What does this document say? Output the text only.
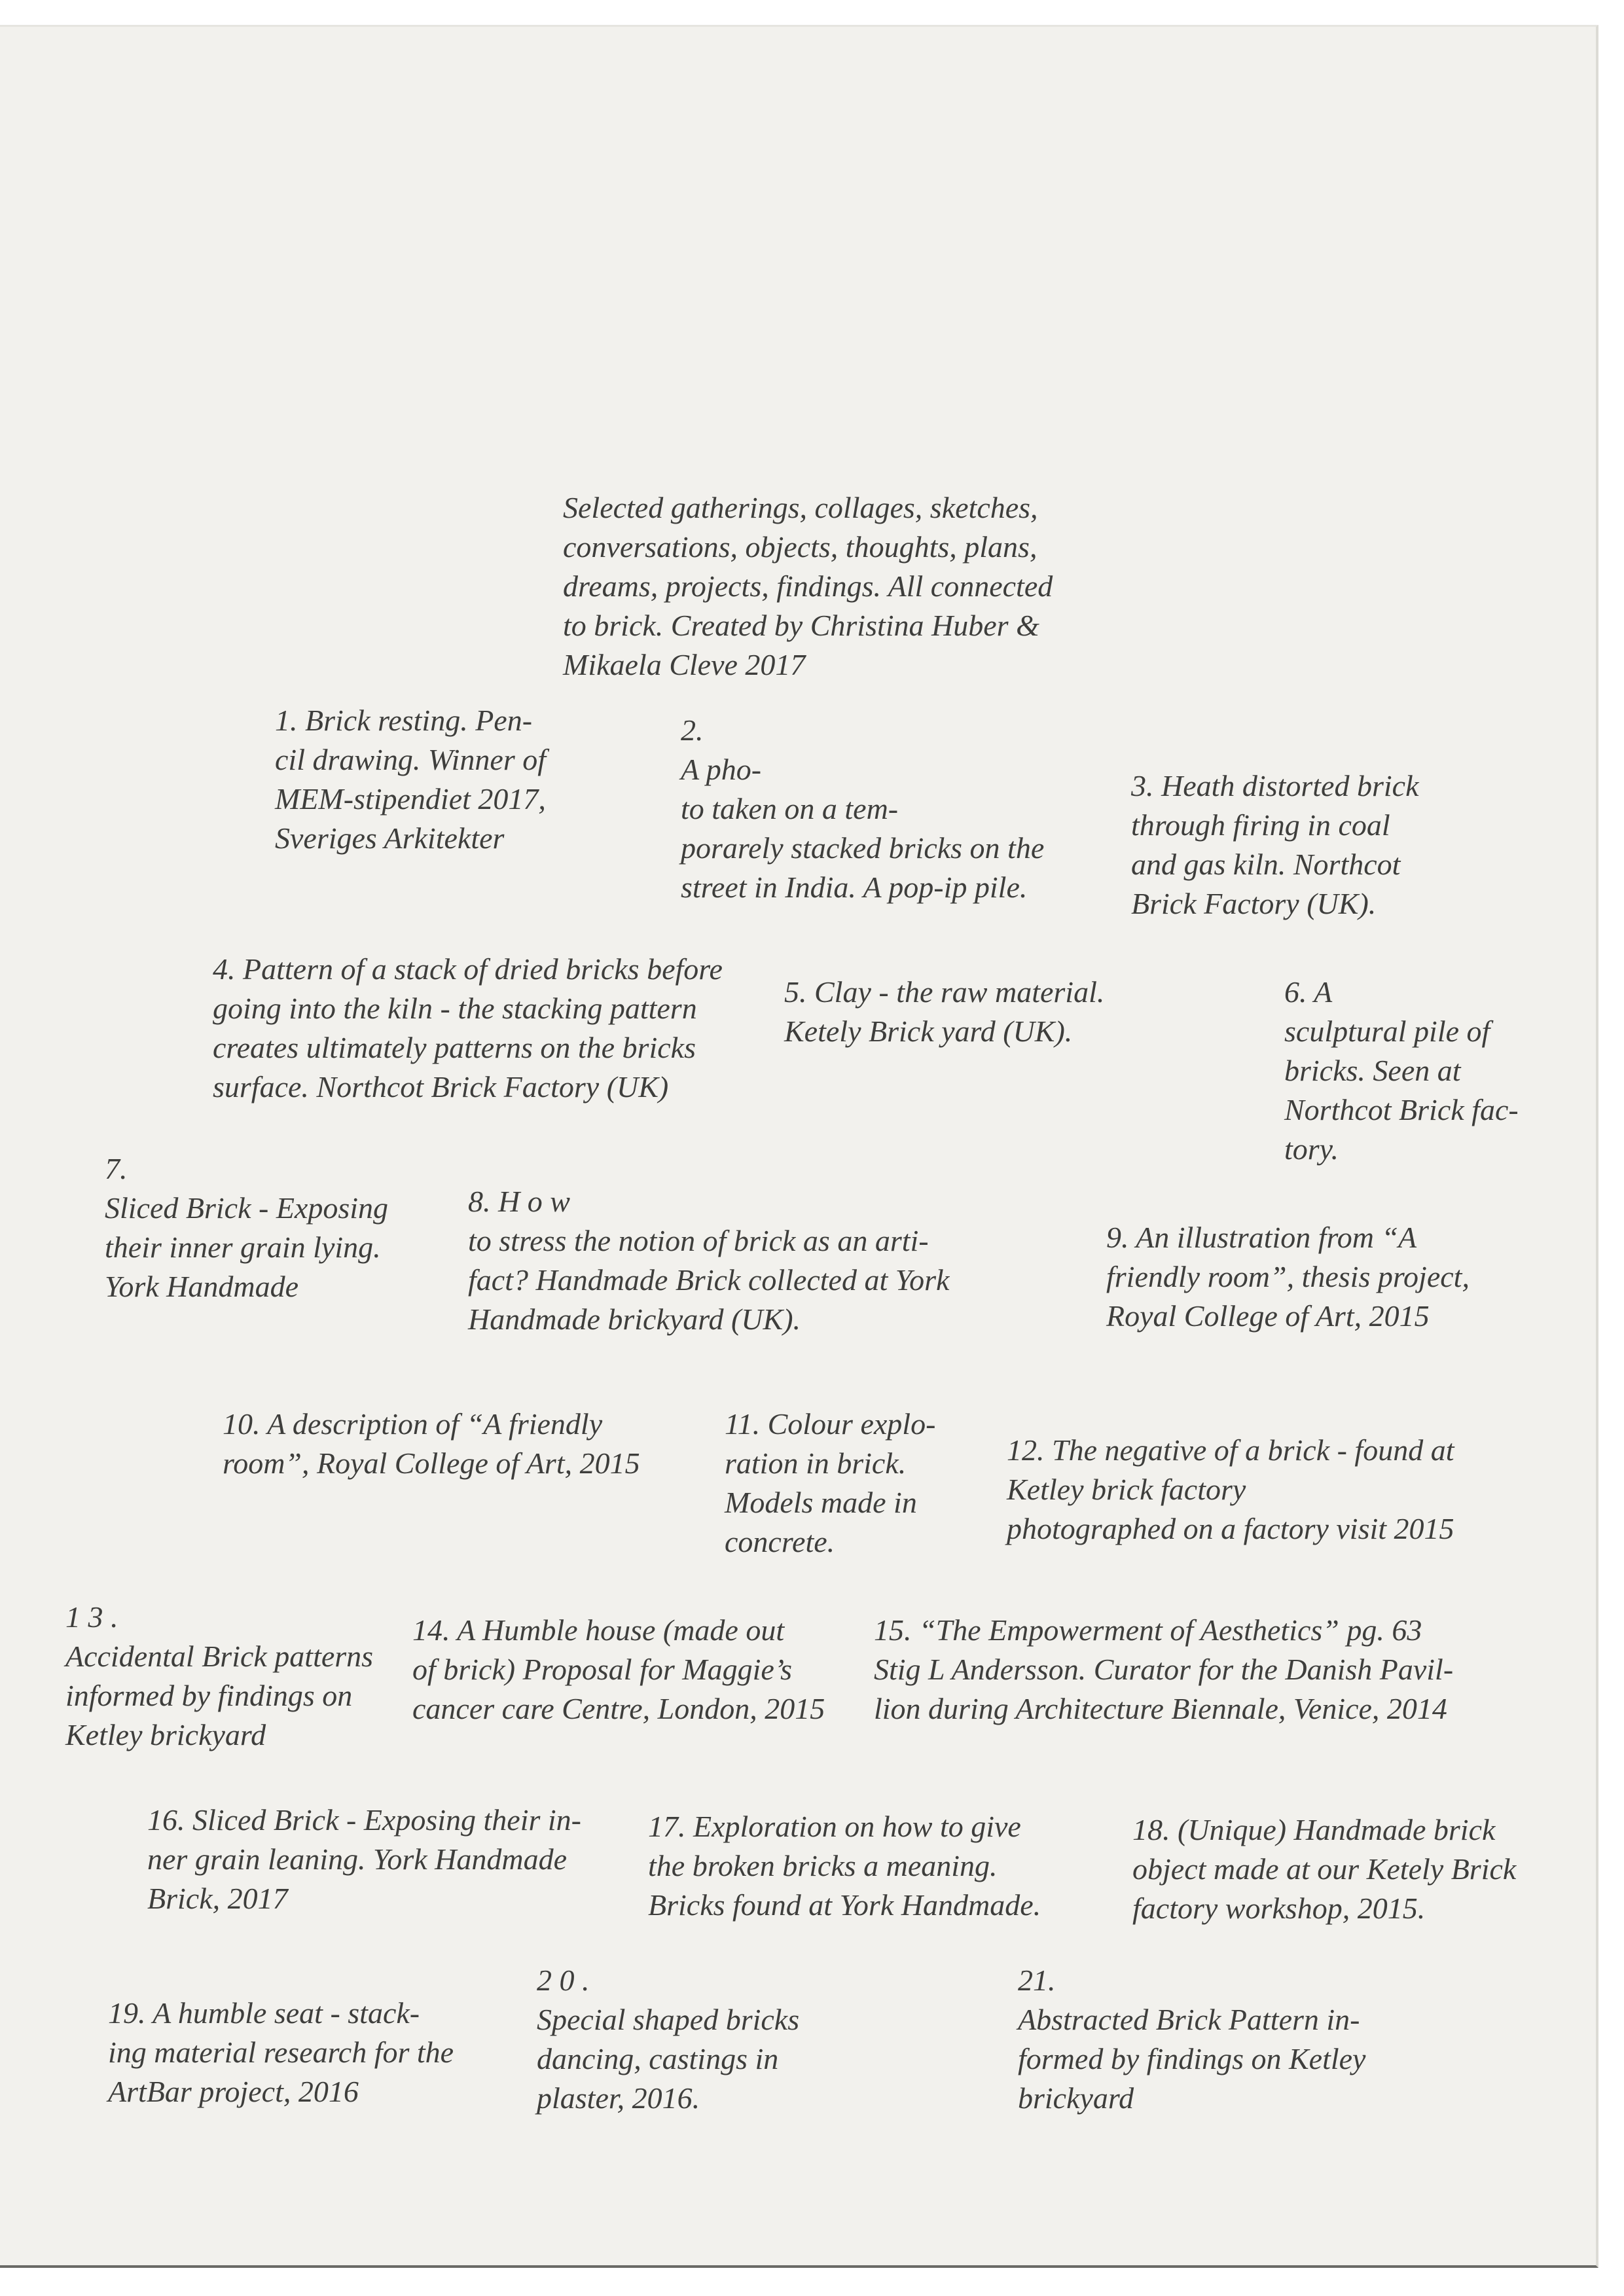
Selected gatherings, collages, sketches,
conversations, objects, thoughts, plans,
dreams, projects, findings. All connected
to brick. Created by Christina Huber &
Mikaela Cleve 2017
1. Brick resting. Pen-
cil drawing. Winner of
MEM-stipendiet 2017,
Sveriges Arkitekter
2.
A pho-
to taken on a tem-
porarely stacked bricks on the
street in India. A pop-ip pile.
3. Heath distorted brick
through firing in coal
and gas kiln. Northcot
Brick Factory (UK).
4. Pattern of a stack of dried bricks before
going into the kiln - the stacking pattern
creates ultimately patterns on the bricks
surface. Northcot Brick Factory (UK)
5. Clay - the raw material.
Ketely Brick yard (UK).
6. A
sculptural pile of
bricks. Seen at
Northcot Brick fac-
tory.
7.
Sliced Brick - Exposing
their inner grain lying.
York Handmade
8. H o w
to stress the notion of brick as an arti-
fact? Handmade Brick collected at York
Handmade brickyard (UK).
9. An illustration from “A
friendly room”, thesis project,
Royal College of Art, 2015
10. A description of “A friendly
room”, Royal College of Art, 2015
11. Colour explo-
ration in brick.
Models made in
concrete.
12. The negative of a brick - found at
Ketley brick factory
photographed on a factory visit 2015
1 3 .
Accidental Brick patterns
informed by findings on
Ketley brickyard
14. A Humble house (made out
of brick) Proposal for Maggie’s
cancer care Centre, London, 2015
15. “The Empowerment of Aesthetics” pg. 63
Stig L Andersson. Curator for the Danish Pavil-
lion during Architecture Biennale, Venice, 2014
16. Sliced Brick - Exposing their in-
ner grain leaning. York Handmade
Brick, 2017
17. Exploration on how to give
the broken bricks a meaning.
Bricks found at York Handmade.
18. (Unique) Handmade brick
object made at our Ketely Brick
factory workshop, 2015.
19. A humble seat - stack-
ing material research for the
ArtBar project, 2016
2 0 .
Special shaped bricks
dancing, castings in
plaster, 2016.
21.
Abstracted Brick Pattern in-
formed by findings on Ketley
brickyard
